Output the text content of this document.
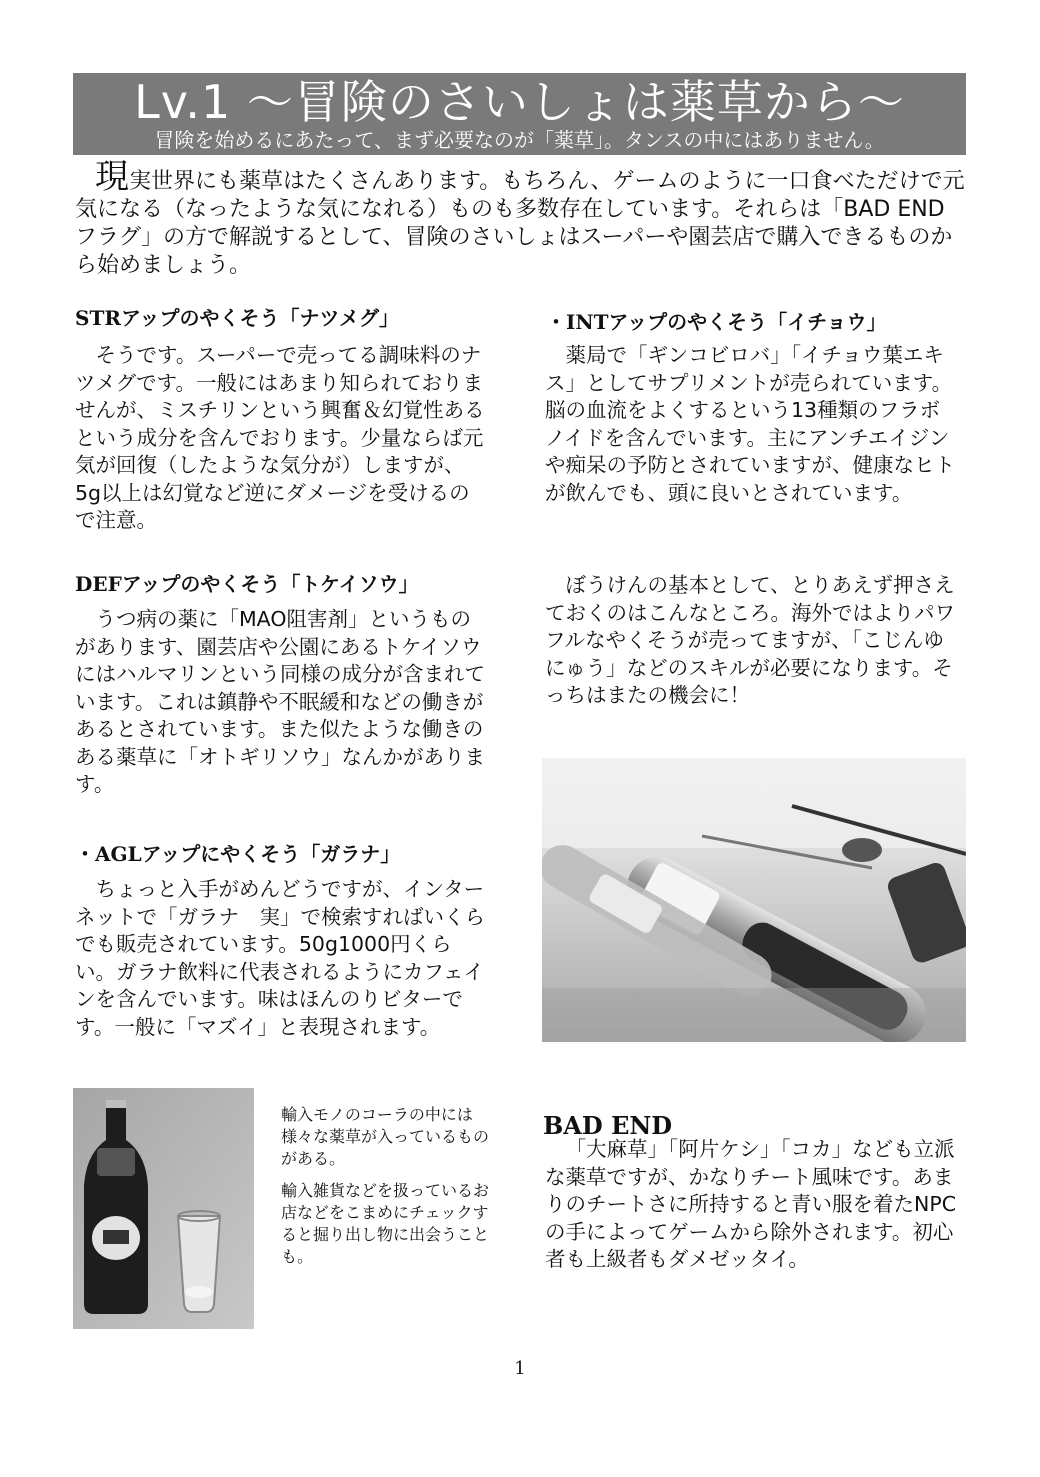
Lv.1 〜冒険のさいしょは薬草から〜
冒険を始めるにあたって、まず必要なのが「薬草」。タンスの中にはありません。

現実世界にも薬草はたくさんあります。もちろん、ゲームのように一口食べただけで元気になる（なったような気になれる）ものも多数存在しています。それらは「BAD ENDフラグ」の方で解説するとして、冒険のさいしょはスーパーや園芸店で購入できるものから始めましょう。

STRアップのやくそう「ナツメグ」

そうです。スーパーで売ってる調味料のナツメグです。一般にはあまり知られておりませんが、ミスチリンという興奮＆幻覚性あるという成分を含んでおります。少量ならば元気が回復（したような気分が）しますが、5g以上は幻覚など逆にダメージを受けるので注意。

DEFアップのやくそう「トケイソウ」

うつ病の薬に「MAO阻害剤」というものがあります、園芸店や公園にあるトケイソウにはハルマリンという同様の成分が含まれています。これは鎮静や不眠緩和などの働きがあるとされています。また似たような働きのある薬草に「オトギリソウ」なんかがあります。

・AGLアップにやくそう「ガラナ」

ちょっと入手がめんどうですが、インターネットで「ガラナ　実」で検索すればいくらでも販売されています。50g1000円くらい。ガラナ飲料に代表されるようにカフェインを含んでいます。味はほんのりビターです。一般に「マズイ」と表現されます。

・INTアップのやくそう「イチョウ」

薬局で「ギンコビロバ」「イチョウ葉エキス」としてサプリメントが売られています。脳の血流をよくするという13種類のフラボノイドを含んでいます。主にアンチエイジンや痴呆の予防とされていますが、健康なヒトが飲んでも、頭に良いとされています。

ぼうけんの基本として、とりあえず押さえておくのはこんなところ。海外ではよりパワフルなやくそうが売ってますが、「こじんゆにゅう」などのスキルが必要になります。そっちはまたの機会に！

BAD END

「大麻草」「阿片ケシ」「コカ」なども立派な薬草ですが、かなりチート風味です。あまりのチートさに所持すると青い服を着たNPCの手によってゲームから除外されます。初心者も上級者もダメゼッタイ。

輸入モノのコーラの中には様々な薬草が入っているものがある。

輸入雑貨などを扱っているお店などをこまめにチェックすると掘り出し物に出会うことも。

1
